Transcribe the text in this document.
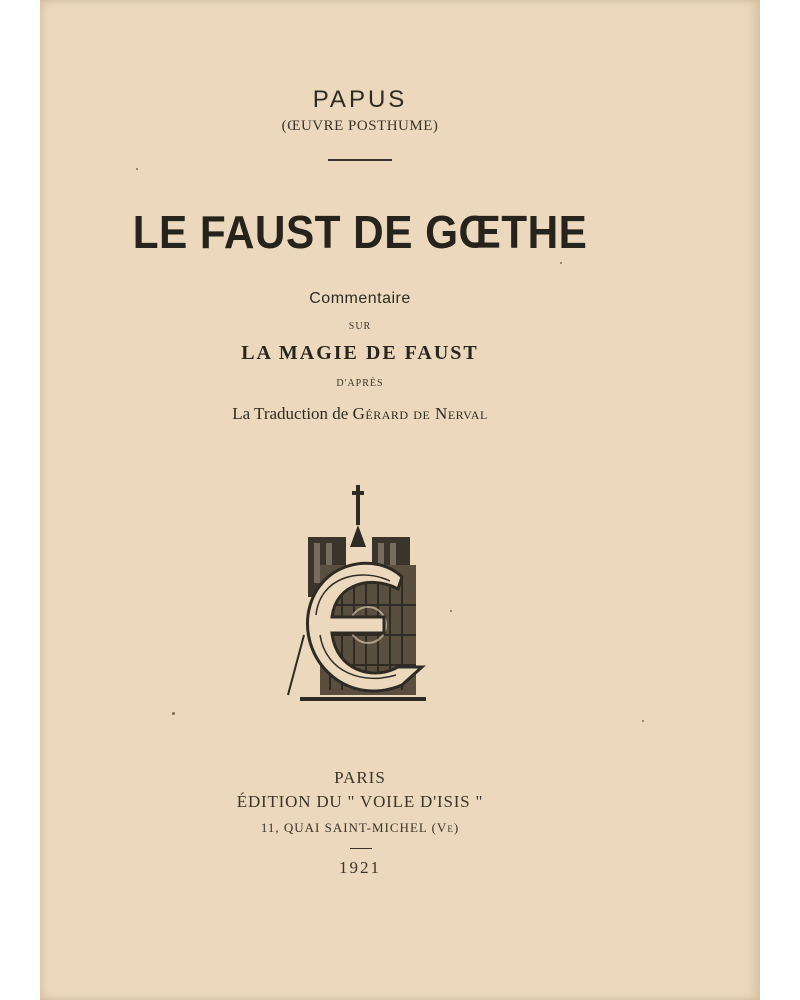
PAPUS
(ŒUVRE POSTHUME)
LE FAUST DE GŒTHE
Commentaire
SUR
LA MAGIE DE FAUST
D'APRÈS
La Traduction de Gérard de Nerval
PARIS
ÉDITION DU " VOILE D'ISIS "
11, QUAI SAINT-MICHEL (Ve)
1921
